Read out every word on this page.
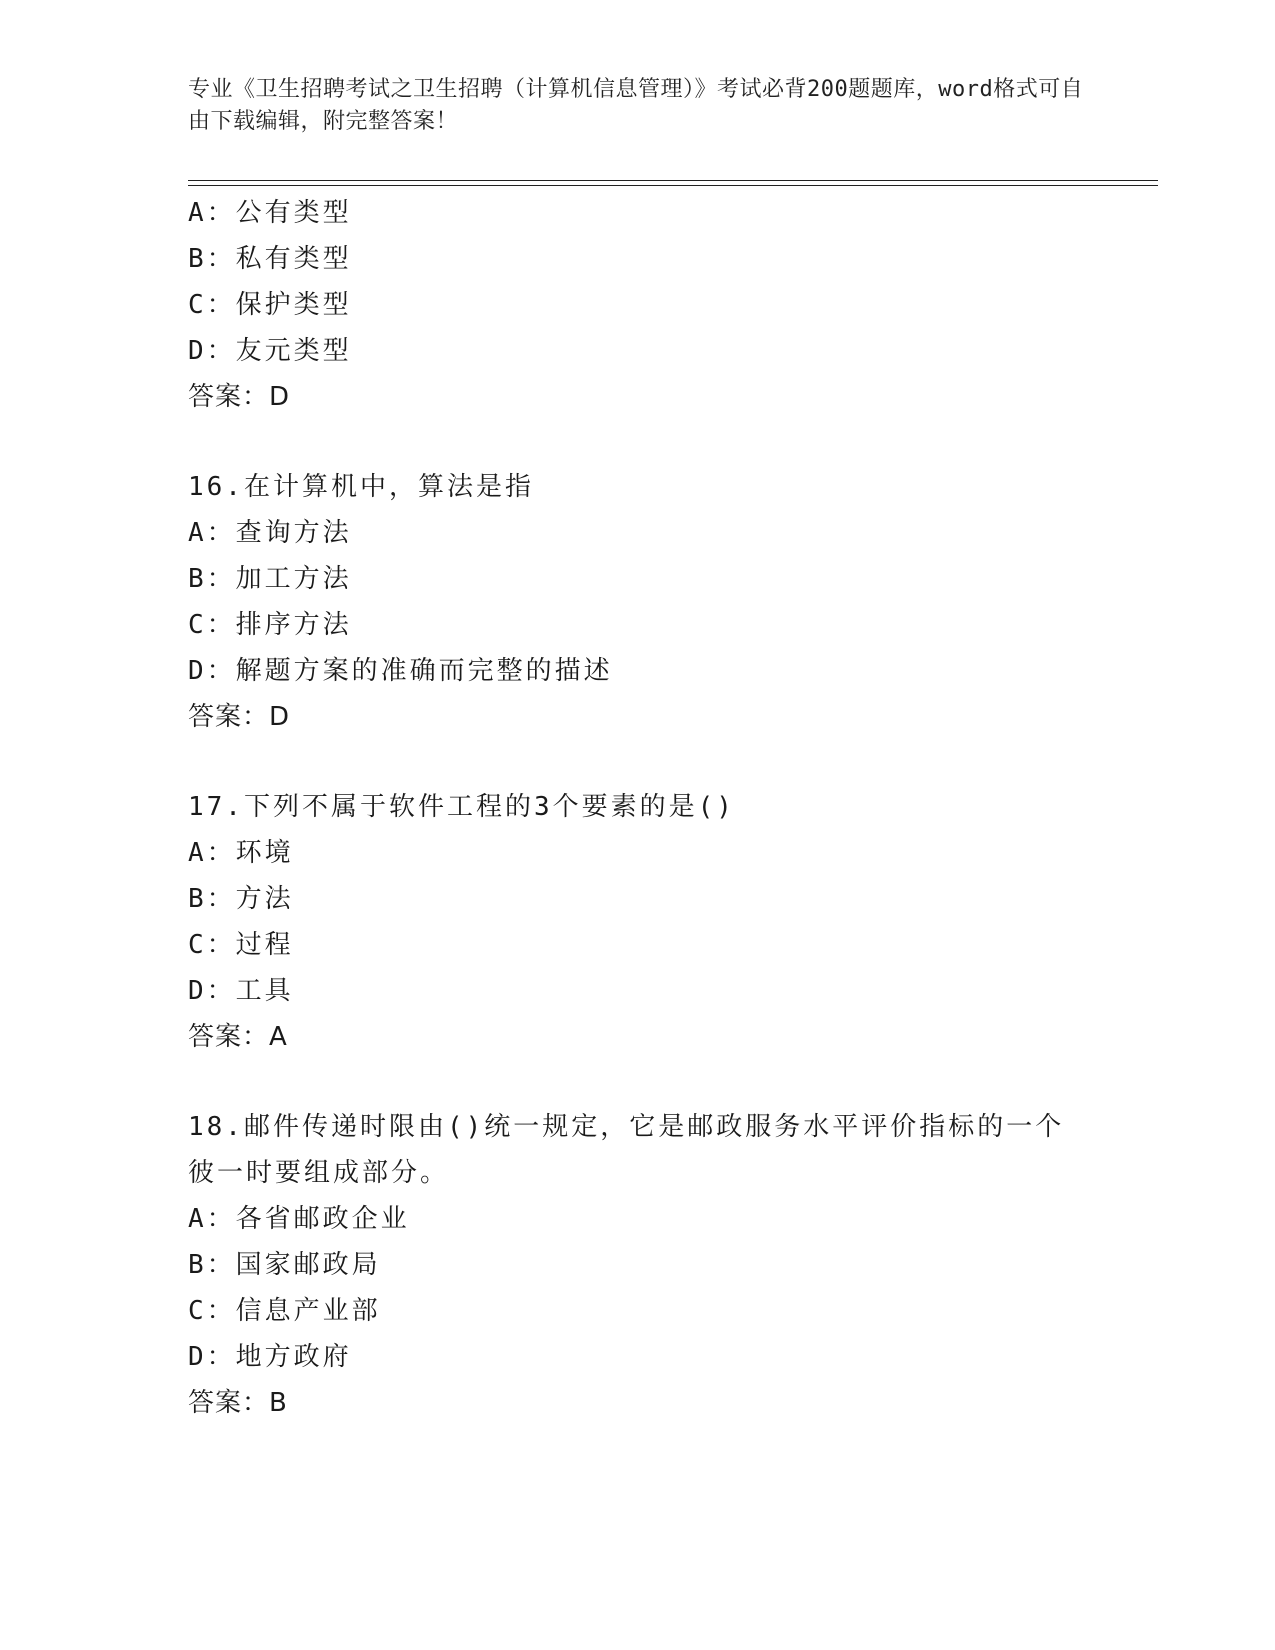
专业《卫生招聘考试之卫生招聘（计算机信息管理）》考试必背200题题库，word格式可自由下载编辑，附完整答案！
A：公有类型
B：私有类型
C：保护类型
D：友元类型
答案：D
16.在计算机中，算法是指
A：查询方法
B：加工方法
C：排序方法
D：解题方案的准确而完整的描述
答案：D
17.下列不属于软件工程的3个要素的是()
A：环境
B：方法
C：过程
D：工具
答案：A
18.邮件传递时限由()统一规定，它是邮政服务水平评价指标的一个彼一时要组成部分。
A：各省邮政企业
B：国家邮政局
C：信息产业部
D：地方政府
答案：B
